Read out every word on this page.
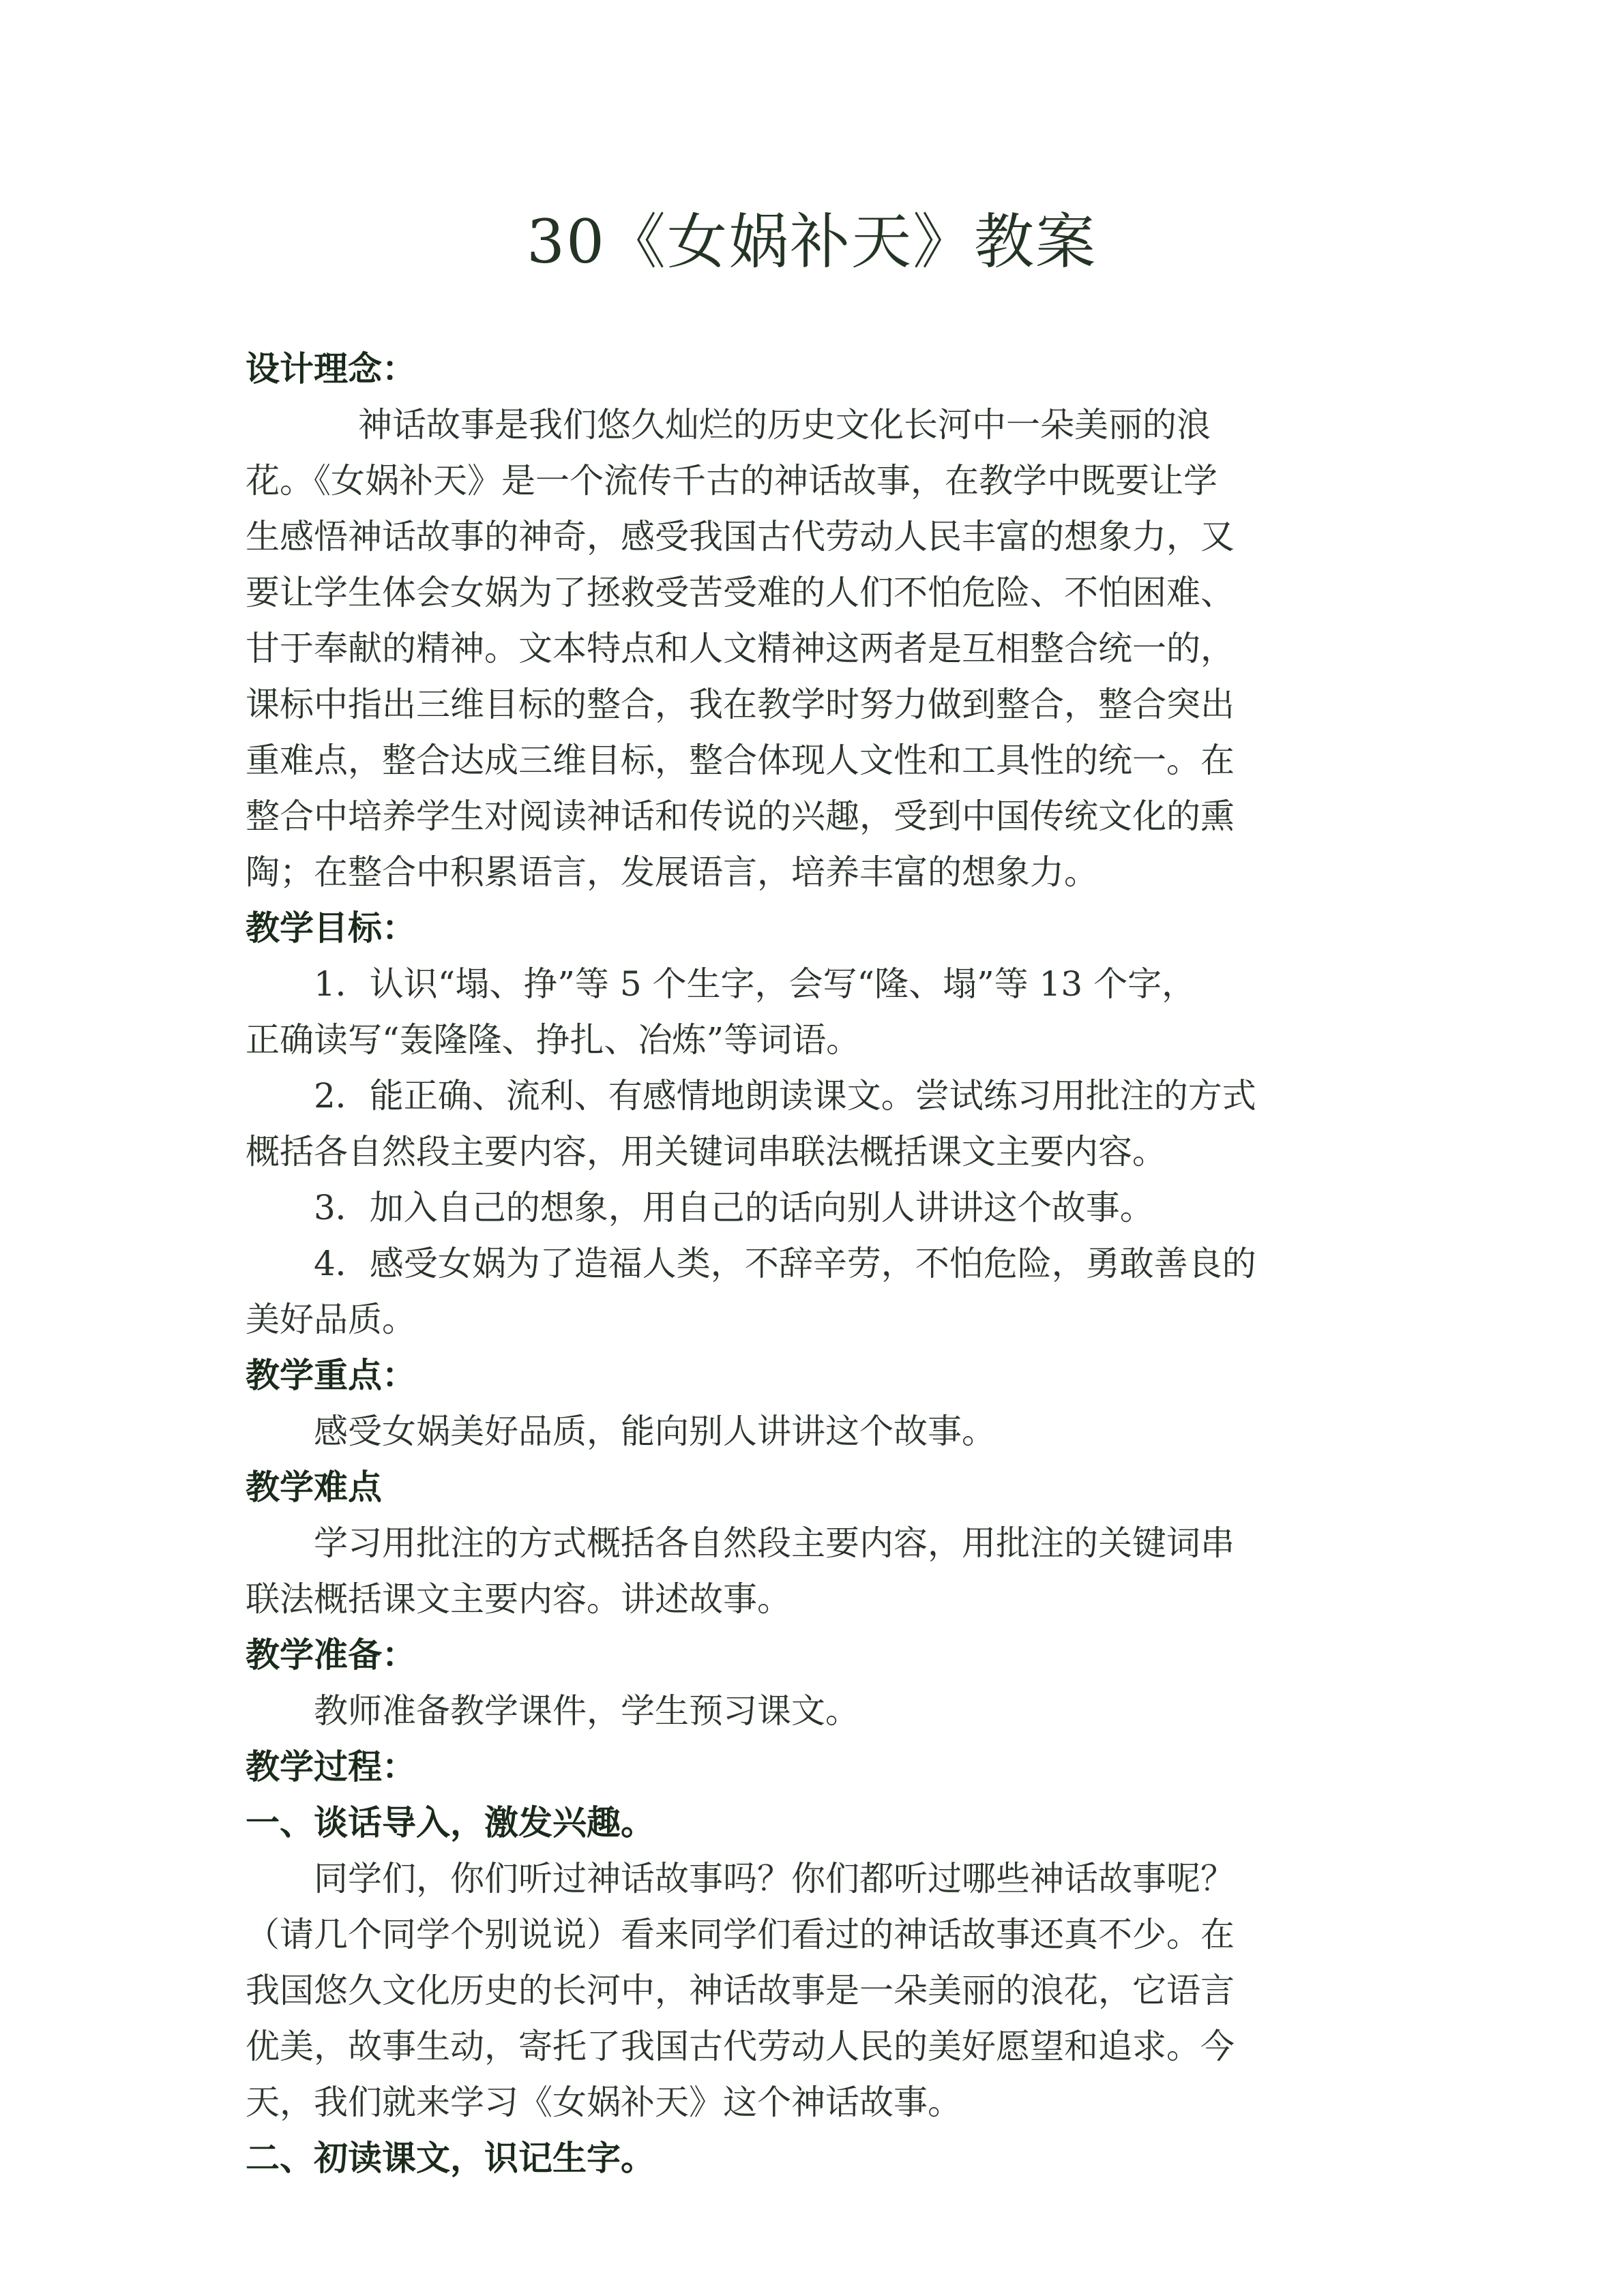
30《女娲补天》教案
设计理念：
神话故事是我们悠久灿烂的历史文化长河中一朵美丽的浪
花。《女娲补天》是一个流传千古的神话故事，在教学中既要让学
生感悟神话故事的神奇，感受我国古代劳动人民丰富的想象力，又
要让学生体会女娲为了拯救受苦受难的人们不怕危险、不怕困难、
甘于奉献的精神。文本特点和人文精神这两者是互相整合统一的，
课标中指出三维目标的整合，我在教学时努力做到整合，整合突出
重难点，整合达成三维目标，整合体现人文性和工具性的统一。在
整合中培养学生对阅读神话和传说的兴趣，受到中国传统文化的熏
陶；在整合中积累语言，发展语言，培养丰富的想象力。
教学目标：
1．认识“塌、挣”等 5 个生字，会写“隆、塌”等 13 个字，
正确读写“轰隆隆、挣扎、冶炼”等词语。
2．能正确、流利、有感情地朗读课文。尝试练习用批注的方式
概括各自然段主要内容，用关键词串联法概括课文主要内容。
3．加入自己的想象，用自己的话向别人讲讲这个故事。
4．感受女娲为了造福人类，不辞辛劳，不怕危险，勇敢善良的
美好品质。
教学重点：
感受女娲美好品质，能向别人讲讲这个故事。
教学难点
学习用批注的方式概括各自然段主要内容，用批注的关键词串
联法概括课文主要内容。讲述故事。
教学准备：
教师准备教学课件，学生预习课文。
教学过程：
一、谈话导入，激发兴趣。
同学们，你们听过神话故事吗？你们都听过哪些神话故事呢？
（请几个同学个别说说）看来同学们看过的神话故事还真不少。在
我国悠久文化历史的长河中，神话故事是一朵美丽的浪花，它语言
优美，故事生动，寄托了我国古代劳动人民的美好愿望和追求。今
天，我们就来学习《女娲补天》这个神话故事。
二、初读课文，识记生字。
